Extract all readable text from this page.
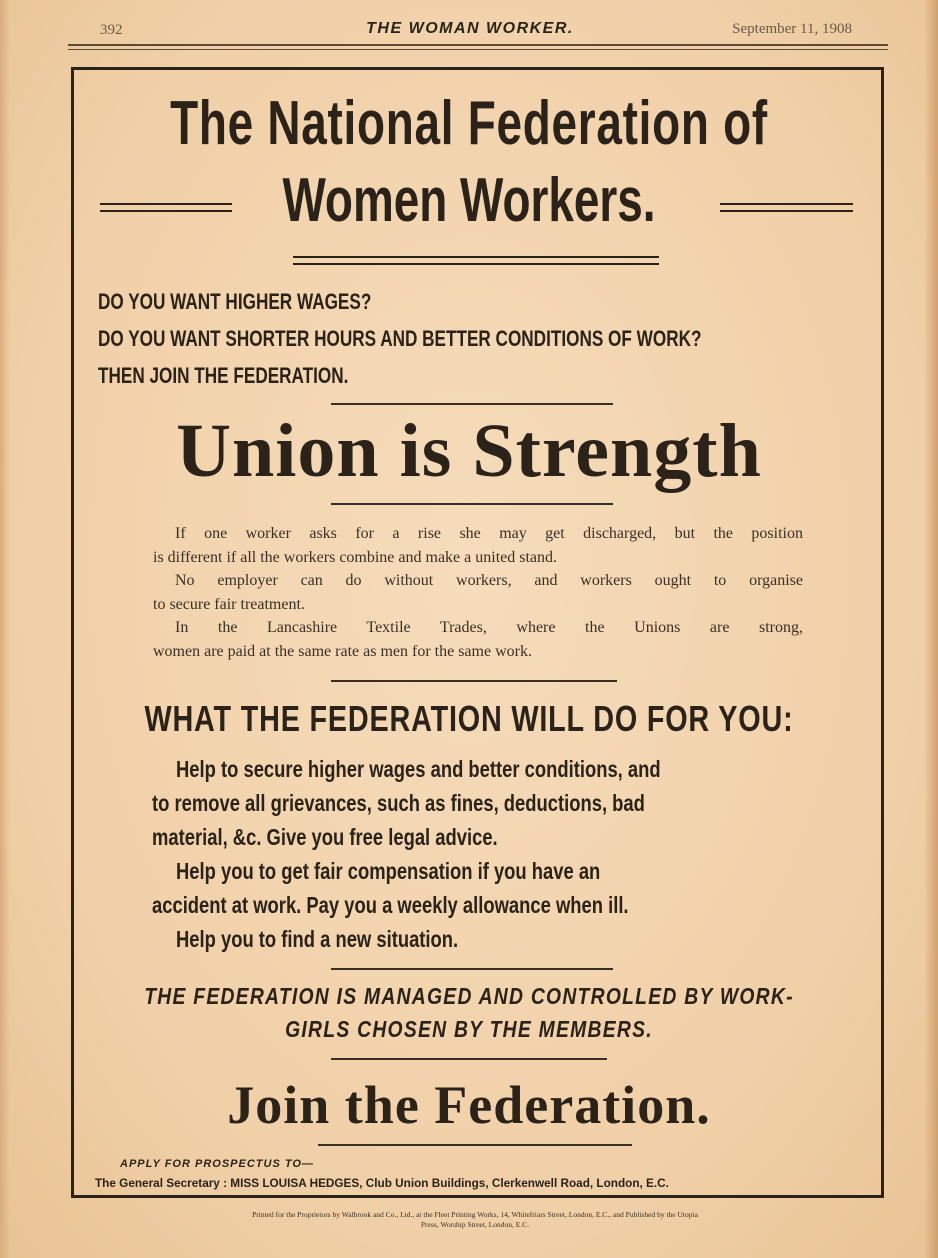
392	THE WOMAN WORKER.	September 11, 1908
The National Federation of
Women Workers.
DO YOU WANT HIGHER WAGES?
DO YOU WANT SHORTER HOURS AND BETTER CONDITIONS OF WORK?
THEN JOIN THE FEDERATION.
Union is Strength
If one worker asks for a rise she may get discharged, but the position
is different if all the workers combine and make a united stand.
No employer can do without workers, and workers ought to organise
to secure fair treatment.
In the Lancashire Textile Trades, where the Unions are strong,
women are paid at the same rate as men for the same work.
WHAT THE FEDERATION WILL DO FOR YOU:
Help to secure higher wages and better conditions, and
to remove all grievances, such as fines, deductions, bad
material, &c. Give you free legal advice.
Help you to get fair compensation if you have an
accident at work. Pay you a weekly allowance when ill.
Help you to find a new situation.
THE FEDERATION IS MANAGED AND CONTROLLED BY WORK-
GIRLS CHOSEN BY THE MEMBERS.
Join the Federation.
APPLY FOR PROSPECTUS TO—
The General Secretary : MISS LOUISA HEDGES, Club Union Buildings, Clerkenwell Road, London, E.C.
Printed for the Proprietors by Walbrook and Co., Ltd., at the Fleet Printing Works, 14, Whitefriars Street, London, E.C., and Published by the Utopia
Press, Worship Street, London, E.C.
